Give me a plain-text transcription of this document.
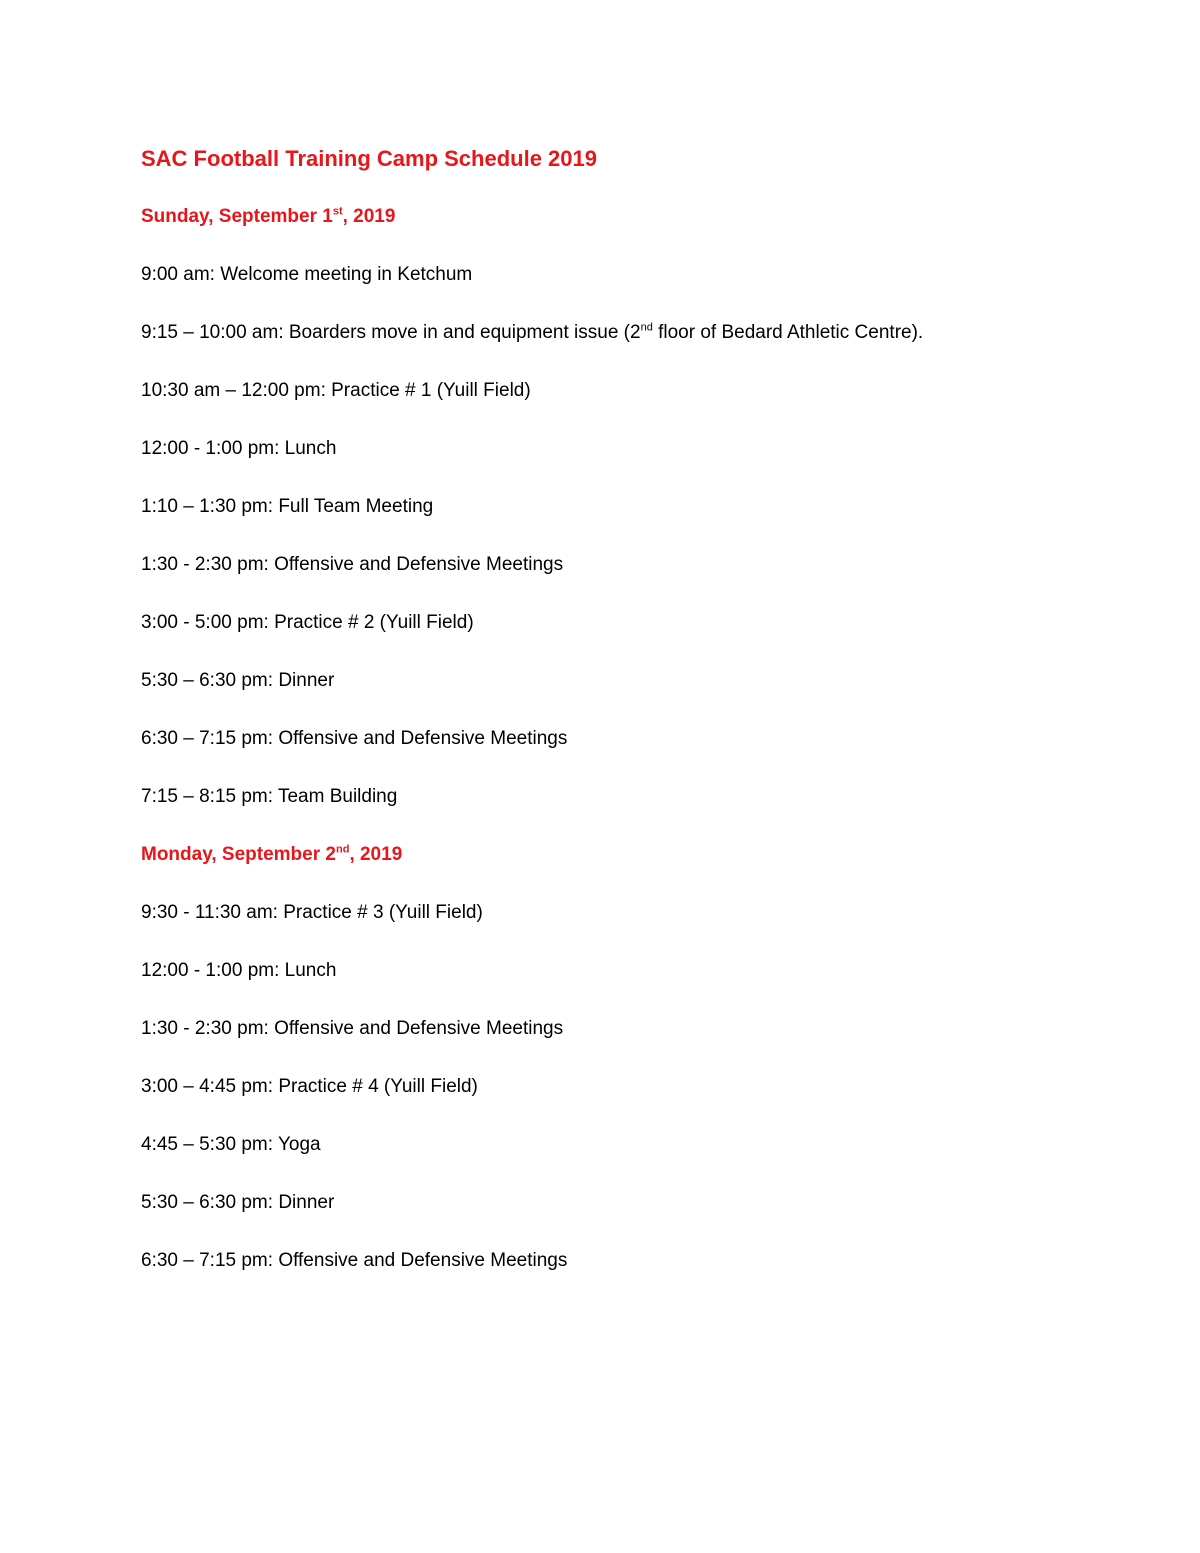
SAC Football Training Camp Schedule 2019
Sunday, September 1st, 2019
9:00 am: Welcome meeting in Ketchum
9:15 – 10:00 am: Boarders move in and equipment issue (2nd floor of Bedard Athletic Centre).
10:30 am – 12:00 pm: Practice # 1 (Yuill Field)
12:00 - 1:00 pm: Lunch
1:10 – 1:30 pm: Full Team Meeting
1:30 - 2:30 pm: Offensive and Defensive Meetings
3:00 - 5:00 pm: Practice # 2 (Yuill Field)
5:30 – 6:30 pm: Dinner
6:30 – 7:15 pm: Offensive and Defensive Meetings
7:15 – 8:15 pm: Team Building
Monday, September 2nd, 2019
9:30 - 11:30 am: Practice # 3 (Yuill Field)
12:00 - 1:00 pm: Lunch
1:30 - 2:30 pm: Offensive and Defensive Meetings
3:00 – 4:45 pm: Practice # 4 (Yuill Field)
4:45 – 5:30 pm: Yoga
5:30 – 6:30 pm: Dinner
6:30 – 7:15 pm: Offensive and Defensive Meetings
